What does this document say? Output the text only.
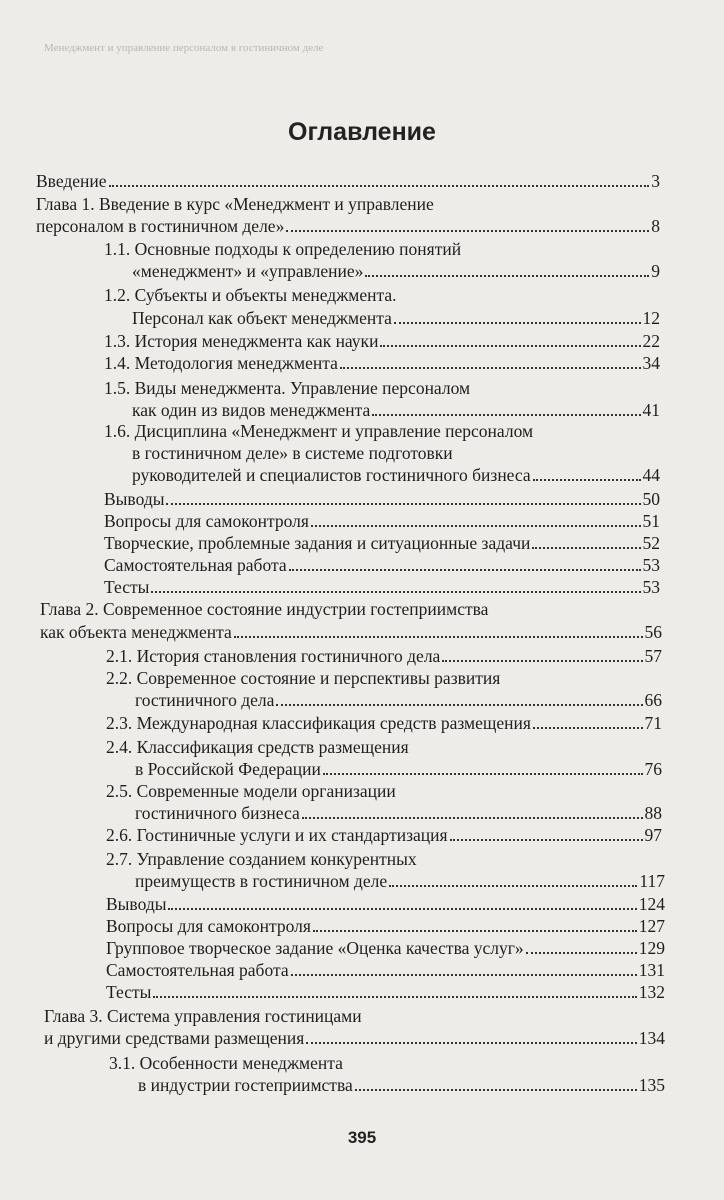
Менеджмент и управление персоналом в гостиничном деле
Оглавление
Введение	3
Глава 1. Введение в курс «Менеджмент и управление
персоналом в гостиничном деле»	8
1.1. Основные подходы к определению понятий
«менеджмент» и «управление»	9
1.2. Субъекты и объекты менеджмента.
Персонал как объект менеджмента	12
1.3. История менеджмента как науки	22
1.4. Методология менеджмента	34
1.5. Виды менеджмента. Управление персоналом
как один из видов менеджмента	41
1.6. Дисциплина «Менеджмент и управление персоналом
в гостиничном деле» в системе подготовки
руководителей и специалистов гостиничного бизнеса	44
Выводы	50
Вопросы для самоконтроля	51
Творческие, проблемные задания и ситуационные задачи	52
Самостоятельная работа	53
Тесты	53
Глава 2. Современное состояние индустрии гостеприимства
как объекта менеджмента	56
2.1. История становления гостиничного дела	57
2.2. Современное состояние и перспективы развития
гостиничного дела	66
2.3. Международная классификация средств размещения	71
2.4. Классификация средств размещения
в Российской Федерации	76
2.5. Современные модели организации
гостиничного бизнеса	88
2.6. Гостиничные услуги и их стандартизация	97
2.7. Управление созданием конкурентных
преимуществ в гостиничном деле	117
Выводы	124
Вопросы для самоконтроля	127
Групповое творческое задание «Оценка качества услуг»	129
Самостоятельная работа	131
Тесты	132
Глава 3. Система управления гостиницами
и другими средствами размещения	134
3.1. Особенности менеджмента
в индустрии гостеприимства	135
395
